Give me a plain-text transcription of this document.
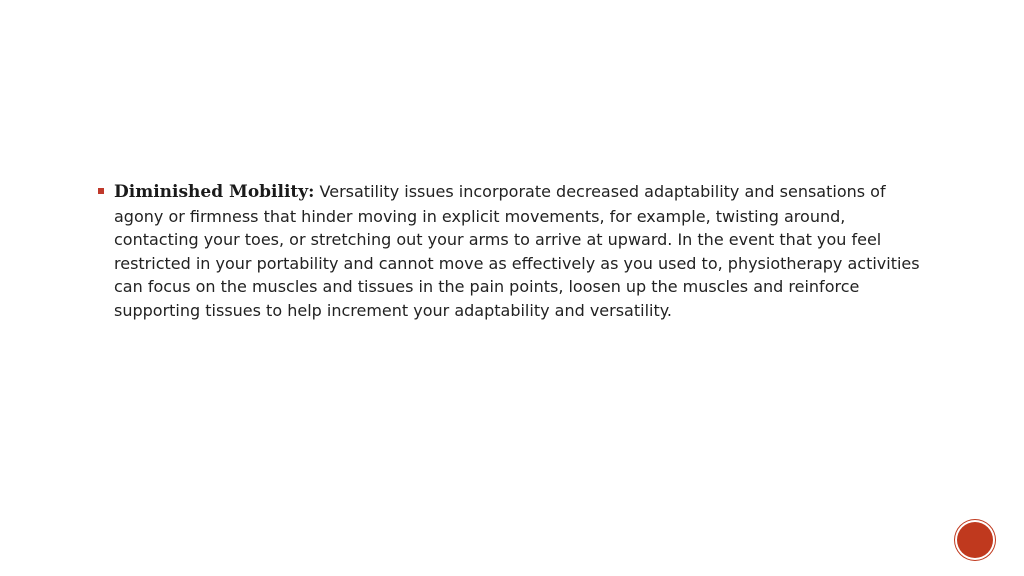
Diminished Mobility: Versatility issues incorporate decreased adaptability and sensations of agony or firmness that hinder moving in explicit movements, for example, twisting around, contacting your toes, or stretching out your arms to arrive at upward. In the event that you feel restricted in your portability and cannot move as effectively as you used to, physiotherapy activities can focus on the muscles and tissues in the pain points, loosen up the muscles and reinforce supporting tissues to help increment your adaptability and versatility.
